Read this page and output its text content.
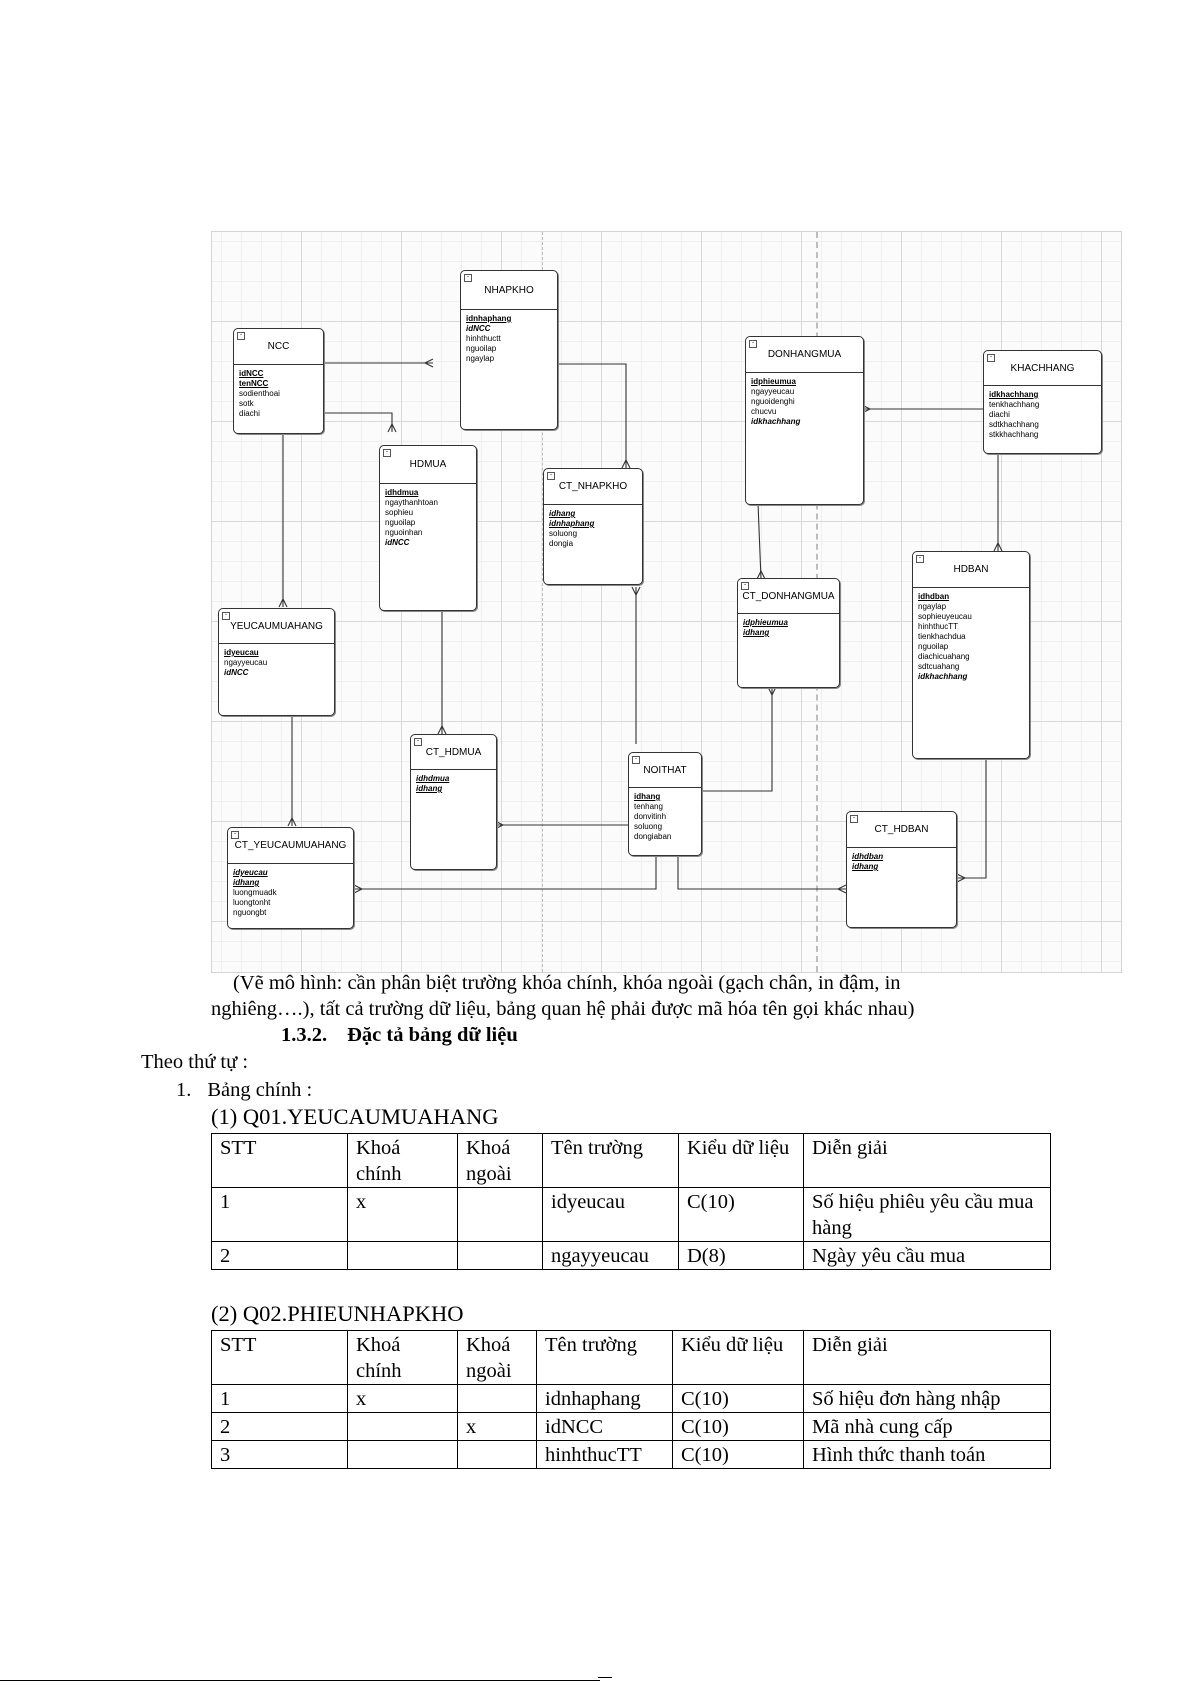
-
NHAPKHO
idnhaphang
idNCC
hinhthuctt
nguoilap
ngaylap
-
NCC
idNCC
tenNCC
sodienthoai
sotk
diachi
-
DONHANGMUA
idphieumua
ngayyeucau
nguoidenghi
chucvu
idkhachhang
-
KHACHHANG
idkhachhang
tenkhachhang
diachi
sdtkhachhang
stkkhachhang
-
HDMUA
idhdmua
ngaythanhtoan
sophieu
nguoilap
nguoinhan
idNCC
-
CT_NHAPKHO
idhang
idnhaphang
soluong
dongia
-
CT_DONHANGMUA
idphieumua
idhang
-
HDBAN
idhdban
ngaylap
sophieuyeucau
hinhthucTT
tienkhachdua
nguoilap
diachicuahang
sdtcuahang
idkhachhang
-
YEUCAUMUAHANG
idyeucau
ngayyeucau
idNCC
-
CT_HDMUA
idhdmua
idhang
-
NOITHAT
idhang
tenhang
donvitinh
soluong
dongiaban
-
CT_HDBAN
idhdban
idhang
-
CT_YEUCAUMUAHANG
idyeucau
idhang
luongmuadk
luongtonht
nguongbt
(Vẽ mô hình: cần phân biệt trường khóa chính, khóa ngoài (gạch chân, in đậm, in
nghiêng….), tất cả trường dữ liệu, bảng quan hệ phải được mã hóa tên gọi khác nhau)
1.3.2. Đặc tả bảng dữ liệu
Theo thứ tự :
1. Bảng chính :
(1) Q01.YEUCAUMUAHANG
STT	Khoá chính	Khoá ngoài	Tên trường	Kiểu dữ liệu	Diễn giải
1	x		idyeucau	C(10)	Số hiệu phiêu yêu cầu mua hàng
2			ngayyeucau	D(8)	Ngày yêu cầu mua
(2) Q02.PHIEUNHAPKHO
STT	Khoá chính	Khoá ngoài	Tên trường	Kiểu dữ liệu	Diễn giải
1	x		idnhaphang	C(10)	Số hiệu đơn hàng nhập
2		x	idNCC	C(10)	Mã nhà cung cấp
3			hinhthucTT	C(10)	Hình thức thanh toán
